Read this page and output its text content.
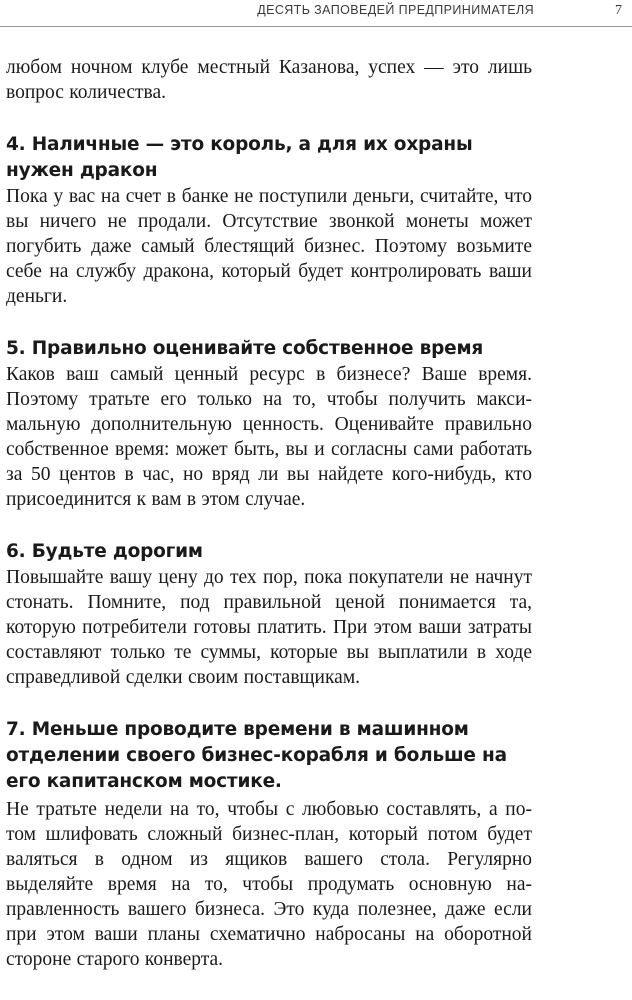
ДЕСЯТЬ ЗАПОВЕДЕЙ ПРЕДПРИНИМАТЕЛЯ	7

любом ночном клубе местный Казанова, успех — это лишь вопрос количества.

4. Наличные — это король, а для их охраны нужен дракон

Пока у вас на счет в банке не поступили деньги, считайте, что вы ничего не продали. Отсутствие звонкой монеты может погубить даже самый блестящий бизнес. Поэтому возьмите себе на службу дракона, который будет контролировать ваши деньги.

5. Правильно оценивайте собственное время

Каков ваш самый ценный ресурс в бизнесе? Ваше время. Поэтому тратьте его только на то, чтобы получить максимальную дополнительную ценность. Оценивайте правильно собственное время: может быть, вы и согласны сами работать за 50 центов в час, но вряд ли вы найдете кого-нибудь, кто присоединится к вам в этом случае.

6. Будьте дорогим

Повышайте вашу цену до тех пор, пока покупатели не начнут стонать. Помните, под правильной ценой понимается та, которую потребители готовы платить. При этом ваши затраты составляют только те суммы, которые вы выплатили в ходе справедливой сделки своим поставщикам.

7. Меньше проводите времени в машинном отделении своего бизнес-корабля и больше на его капитанском мостике.

Не тратьте недели на то, чтобы с любовью составлять, а потом шлифовать сложный бизнес-план, который потом будет валяться в одном из ящиков вашего стола. Регулярно выделяйте время на то, чтобы продумать основную направленность вашего бизнеса. Это куда полезнее, даже если при этом ваши планы схематично набросаны на оборотной стороне старого конверта.
